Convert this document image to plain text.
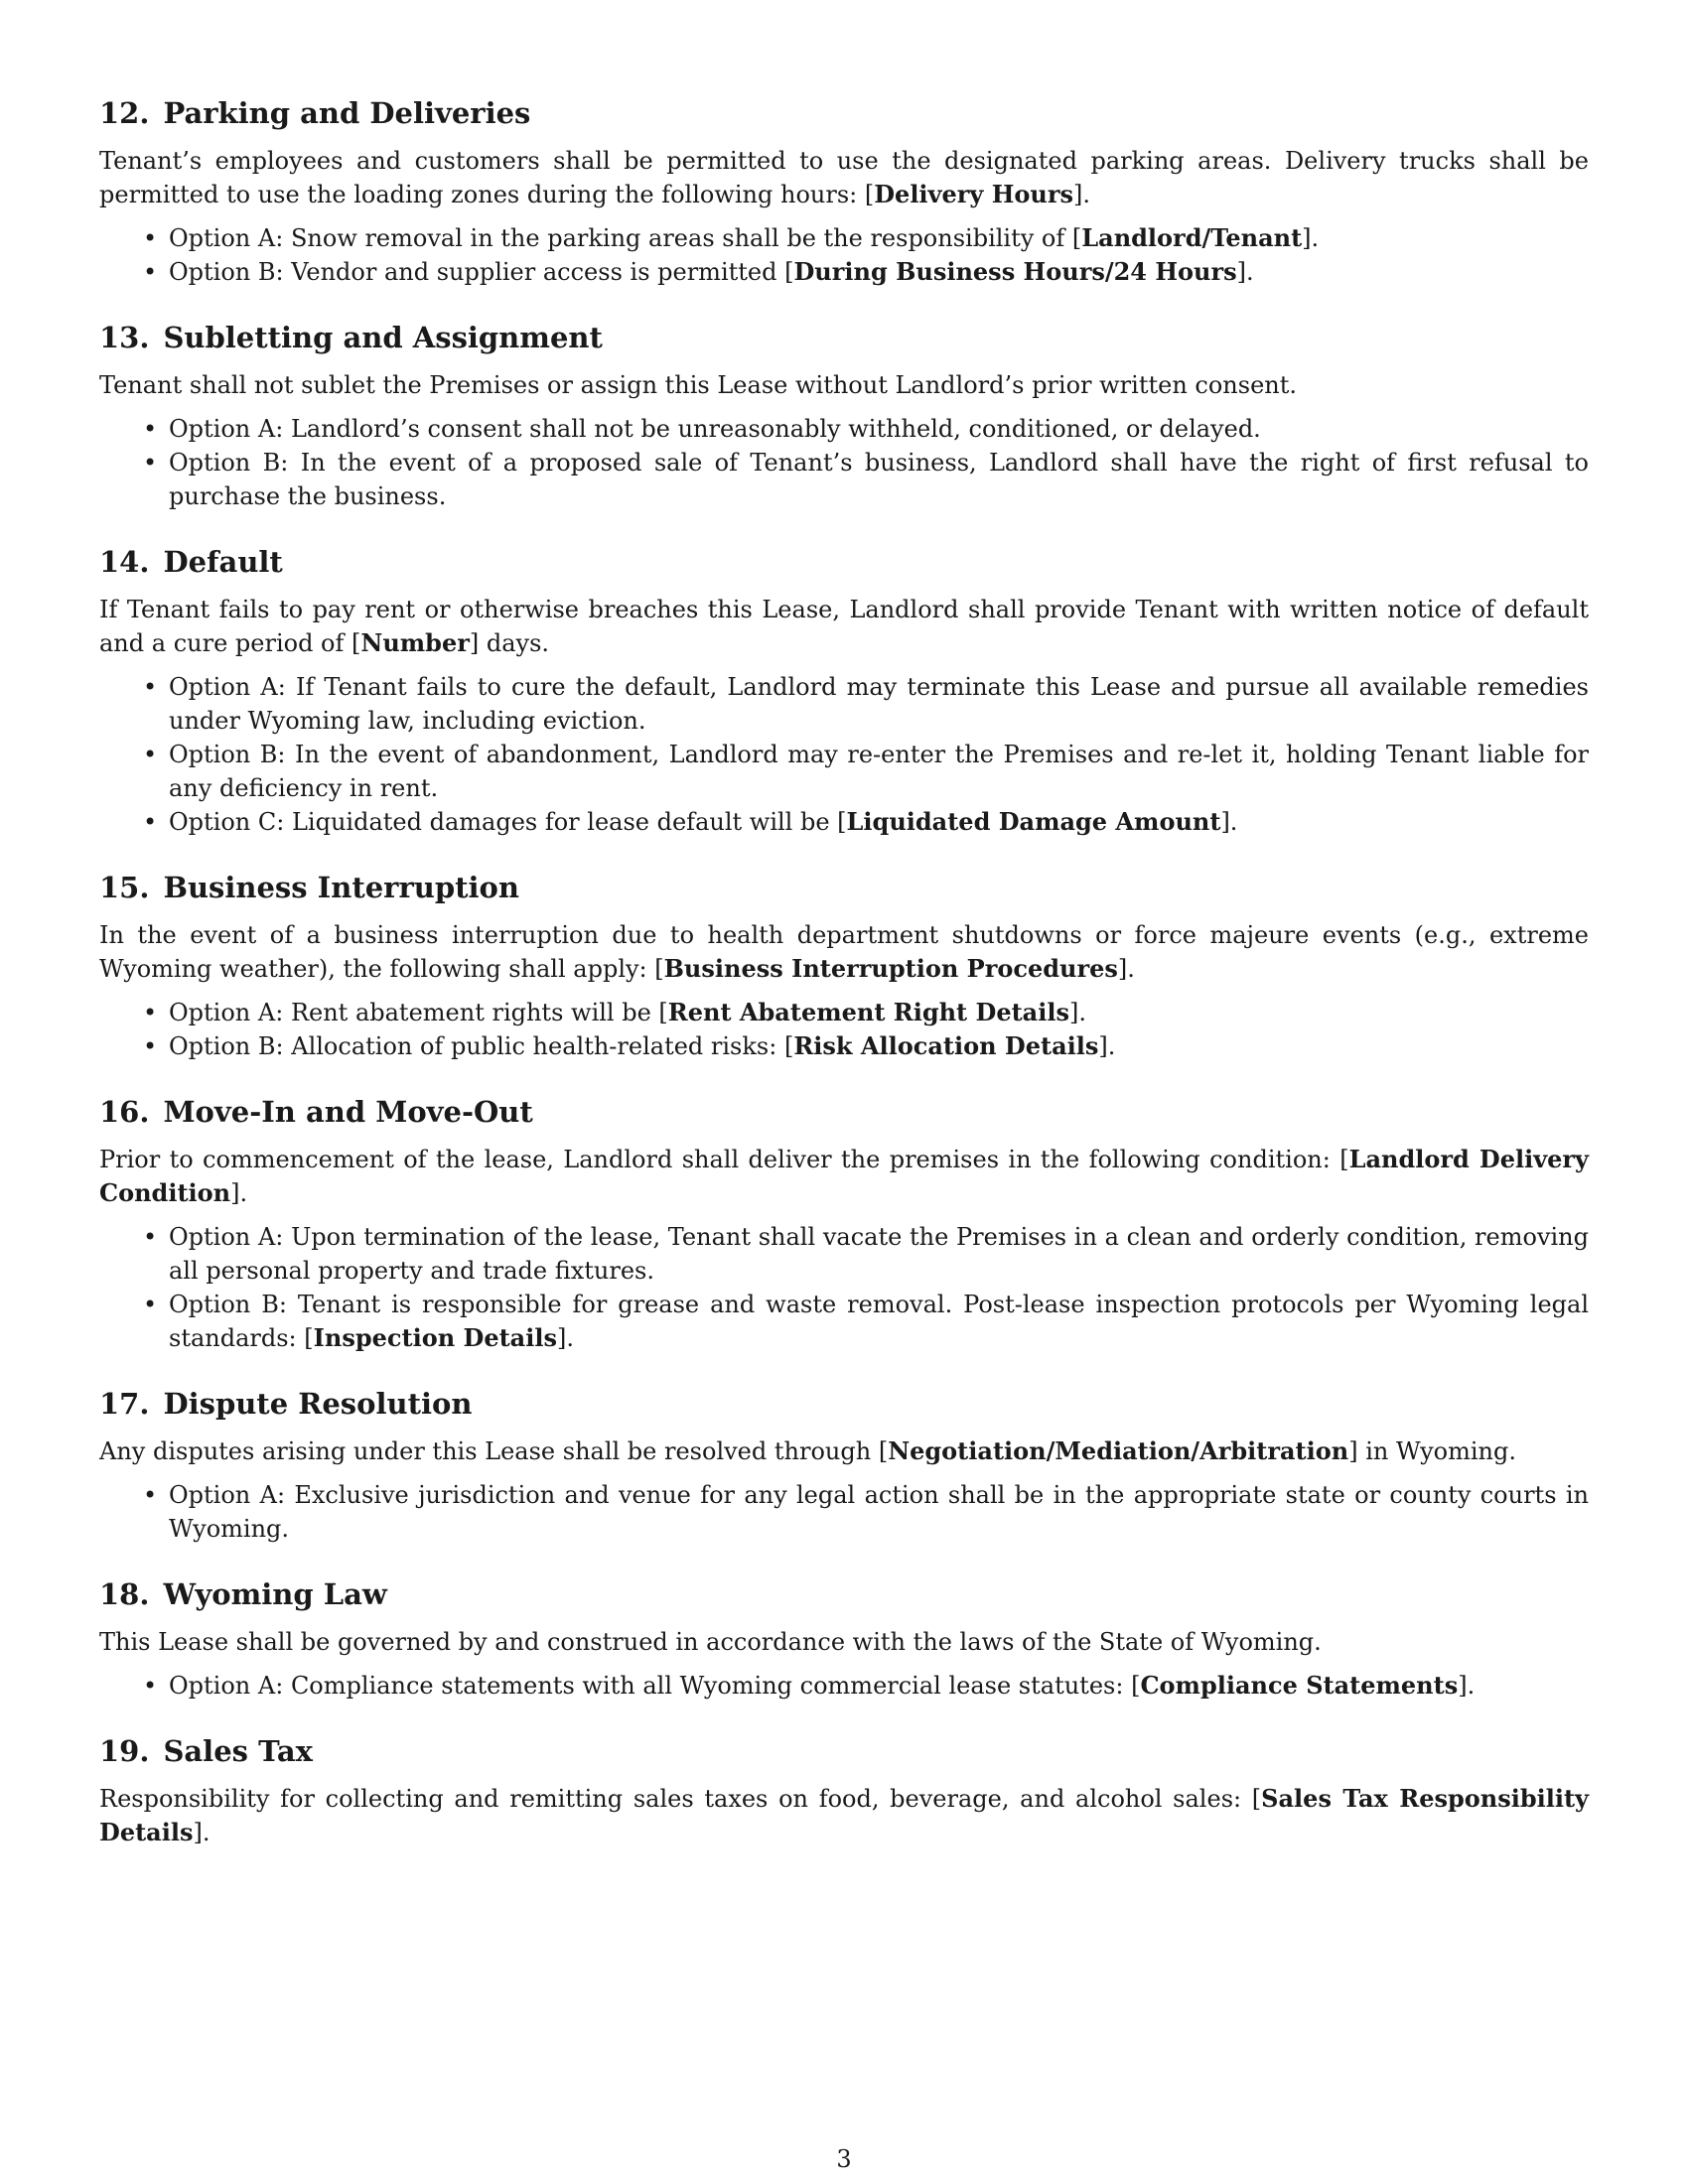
12. Parking and Deliveries

Tenant’s employees and customers shall be permitted to use the designated parking areas. Delivery trucks shall be permitted to use the loading zones during the following hours: [Delivery Hours].

• Option A: Snow removal in the parking areas shall be the responsibility of [Landlord/Tenant].
• Option B: Vendor and supplier access is permitted [During Business Hours/24 Hours].
13. Subletting and Assignment

Tenant shall not sublet the Premises or assign this Lease without Landlord’s prior written consent.

• Option A: Landlord’s consent shall not be unreasonably withheld, conditioned, or delayed.
• Option B: In the event of a proposed sale of Tenant’s business, Landlord shall have the right of first refusal to purchase the business.
14. Default

If Tenant fails to pay rent or otherwise breaches this Lease, Landlord shall provide Tenant with written notice of default and a cure period of [Number] days.

• Option A: If Tenant fails to cure the default, Landlord may terminate this Lease and pursue all available remedies under Wyoming law, including eviction.
• Option B: In the event of abandonment, Landlord may re-enter the Premises and re-let it, holding Tenant liable for any deficiency in rent.
• Option C: Liquidated damages for lease default will be [Liquidated Damage Amount].
15. Business Interruption

In the event of a business interruption due to health department shutdowns or force majeure events (e.g., extreme Wyoming weather), the following shall apply: [Business Interruption Procedures].

• Option A: Rent abatement rights will be [Rent Abatement Right Details].
• Option B: Allocation of public health-related risks: [Risk Allocation Details].
16. Move-In and Move-Out

Prior to commencement of the lease, Landlord shall deliver the premises in the following condition: [Landlord Delivery Condition].

• Option A: Upon termination of the lease, Tenant shall vacate the Premises in a clean and orderly condition, removing all personal property and trade fixtures.
• Option B: Tenant is responsible for grease and waste removal. Post-lease inspection protocols per Wyoming legal standards: [Inspection Details].
17. Dispute Resolution

Any disputes arising under this Lease shall be resolved through [Negotiation/Mediation/Arbitration] in Wyoming.

• Option A: Exclusive jurisdiction and venue for any legal action shall be in the appropriate state or county courts in Wyoming.
18. Wyoming Law

This Lease shall be governed by and construed in accordance with the laws of the State of Wyoming.

• Option A: Compliance statements with all Wyoming commercial lease statutes: [Compliance Statements].
19. Sales Tax

Responsibility for collecting and remitting sales taxes on food, beverage, and alcohol sales: [Sales Tax Responsibility Details].

3
